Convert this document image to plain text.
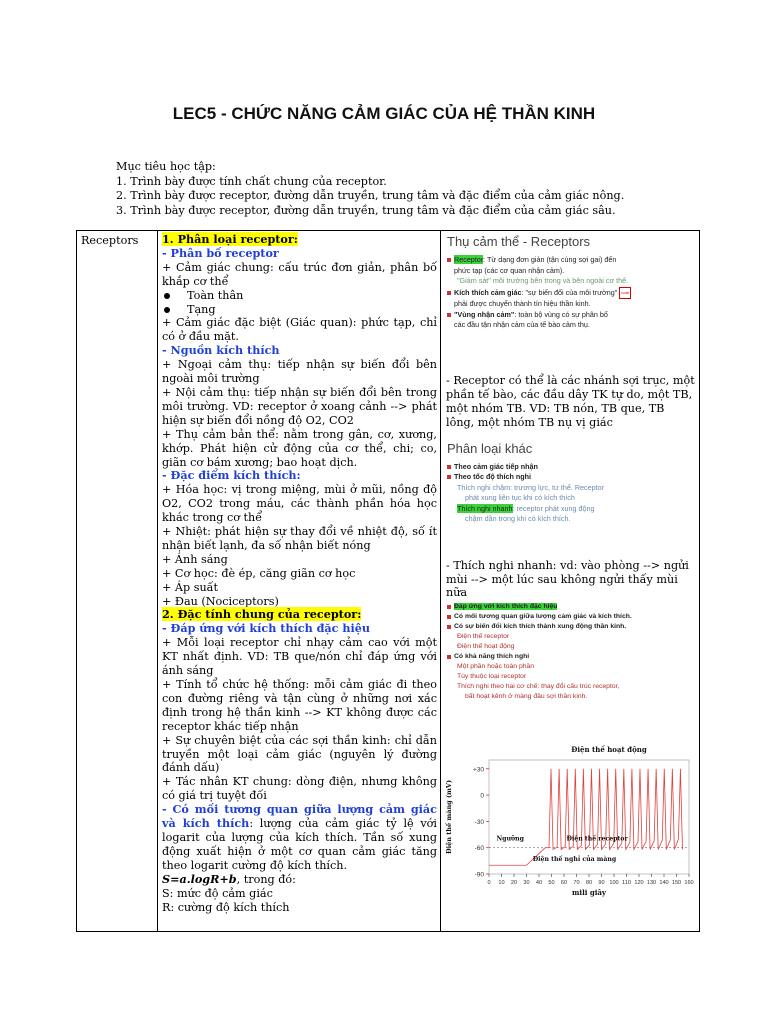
LEC5 - CHỨC NĂNG CẢM GIÁC CỦA HỆ THẦN KINH
Mục tiêu học tập:
1. Trình bày được tính chất chung của receptor.
2. Trình bày được receptor, đường dẫn truyền, trung tâm và đặc điểm của cảm giác nông.
3. Trình bày được receptor, đường dẫn truyền, trung tâm và đặc điểm của cảm giác sâu.
Receptors	1. Phân loại receptor:
- Phân bố receptor
+ Cảm giác chung: cấu trúc đơn giản, phân bố khắp cơ thể
Toàn thân
Tạng
+ Cảm giác đặc biệt (Giác quan): phức tạp, chỉ có ở đầu mặt.
- Nguồn kích thích
+ Ngoại cảm thụ: tiếp nhận sự biến đổi bên ngoài môi trường
+ Nội cảm thụ: tiếp nhận sự biến đổi bên trong môi trường. VD: receptor ở xoang cảnh --> phát hiện sự biến đổi nồng độ O2, CO2
+ Thụ cảm bản thể: nằm trong gân, cơ, xương, khớp. Phát hiện cử động của cơ thể, chi; co, giãn cơ bám xương; bao hoạt dịch.
- Đặc điểm kích thích:
+ Hóa học: vị trong miệng, mùi ở mũi, nồng độ O2, CO2 trong máu, các thành phần hóa học khác trong cơ thể
+ Nhiệt: phát hiện sự thay đổi về nhiệt độ, số ít nhận biết lạnh, đa số nhận biết nóng
+ Ánh sáng
+ Cơ học: đè ép, căng giãn cơ học
+ Áp suất
+ Đau (Nociceptors)
2. Đặc tính chung của receptor:
- Đáp ứng với kích thích đặc hiệu
+ Mỗi loại receptor chỉ nhạy cảm cao với một KT nhất định. VD: TB que/nón chỉ đáp ứng với ánh sáng
+ Tính tổ chức hệ thống: mỗi cảm giác đi theo con đường riêng và tận cùng ở những nơi xác định trong hệ thần kinh --> KT không được các receptor khác tiếp nhận
+ Sự chuyên biệt của các sợi thần kinh: chỉ dẫn truyền một loại cảm giác (nguyên lý đường đánh dấu)
+ Tác nhân KT chung: dòng điện, nhưng không có giá trị tuyệt đối
- Có mối tương quan giữa lượng cảm giác và kích thích: lượng của cảm giác tỷ lệ với logarit của lượng của kích thích. Tần số xung động xuất hiện ở một cơ quan cảm giác tăng theo logarit cường độ kích thích.
S=a.logR+b, trong đó:
S: mức độ cảm giác
R: cường độ kích thích

Thụ cảm thể - Receptors
Receptor: Từ dạng đơn giản (tận cùng sợi gai) đến
phức tạp (các cơ quan nhận cảm).
"Giám sát" môi trường bên trong và bên ngoài cơ thể.
Kích thích cảm giác: "sự biến đổi của môi trường" note
phải được chuyển thành tín hiệu thần kinh.
"Vùng nhận cảm": toàn bộ vùng có sự phân bố
các đầu tận nhận cảm của tế bào cảm thụ.
- Receptor có thể là các nhánh sợi trục, một phần tế bào, các đầu dây TK tự do, một TB, một nhóm TB. VD: TB nón, TB que, TB lông, một nhóm TB nụ vị giác
Phân loại khác
Theo cảm giác tiếp nhận
Theo tốc độ thích nghi
Thích nghi chậm: trương lực, tư thế. Receptor
phát xung liên tục khi có kích thích
Thích nghi nhanh: receptor phát xung động
chậm dần trong khi có kích thích.
- Thích nghi nhanh: vd: vào phòng --> ngửi mùi --> một lúc sau không ngửi thấy mùi nữa
Đáp ứng với kích thích đặc hiệu
Có mối tương quan giữa lượng cảm giác và kích thích.
Có sự biến đổi kích thích thành xung động thần kinh.
Điện thế receptor
Điện thế hoạt động
Có khả năng thích nghi
Một phần hoặc toàn phần
Tùy thuộc loại receptor
Thích nghi theo hai cơ chế: thay đổi cấu trúc receptor,
bất hoạt kênh ở màng đầu sợi thần kinh.
+30
0
-30
-60
-90
0 10 20 30 40 50 60 70 80 90 100 110 120 130 140 150 160
Điện thế hoạt động
mili giây
Điện thế màng (mV)	Ngưỡng	Điện thế receptor
Điện thế nghỉ của màng
